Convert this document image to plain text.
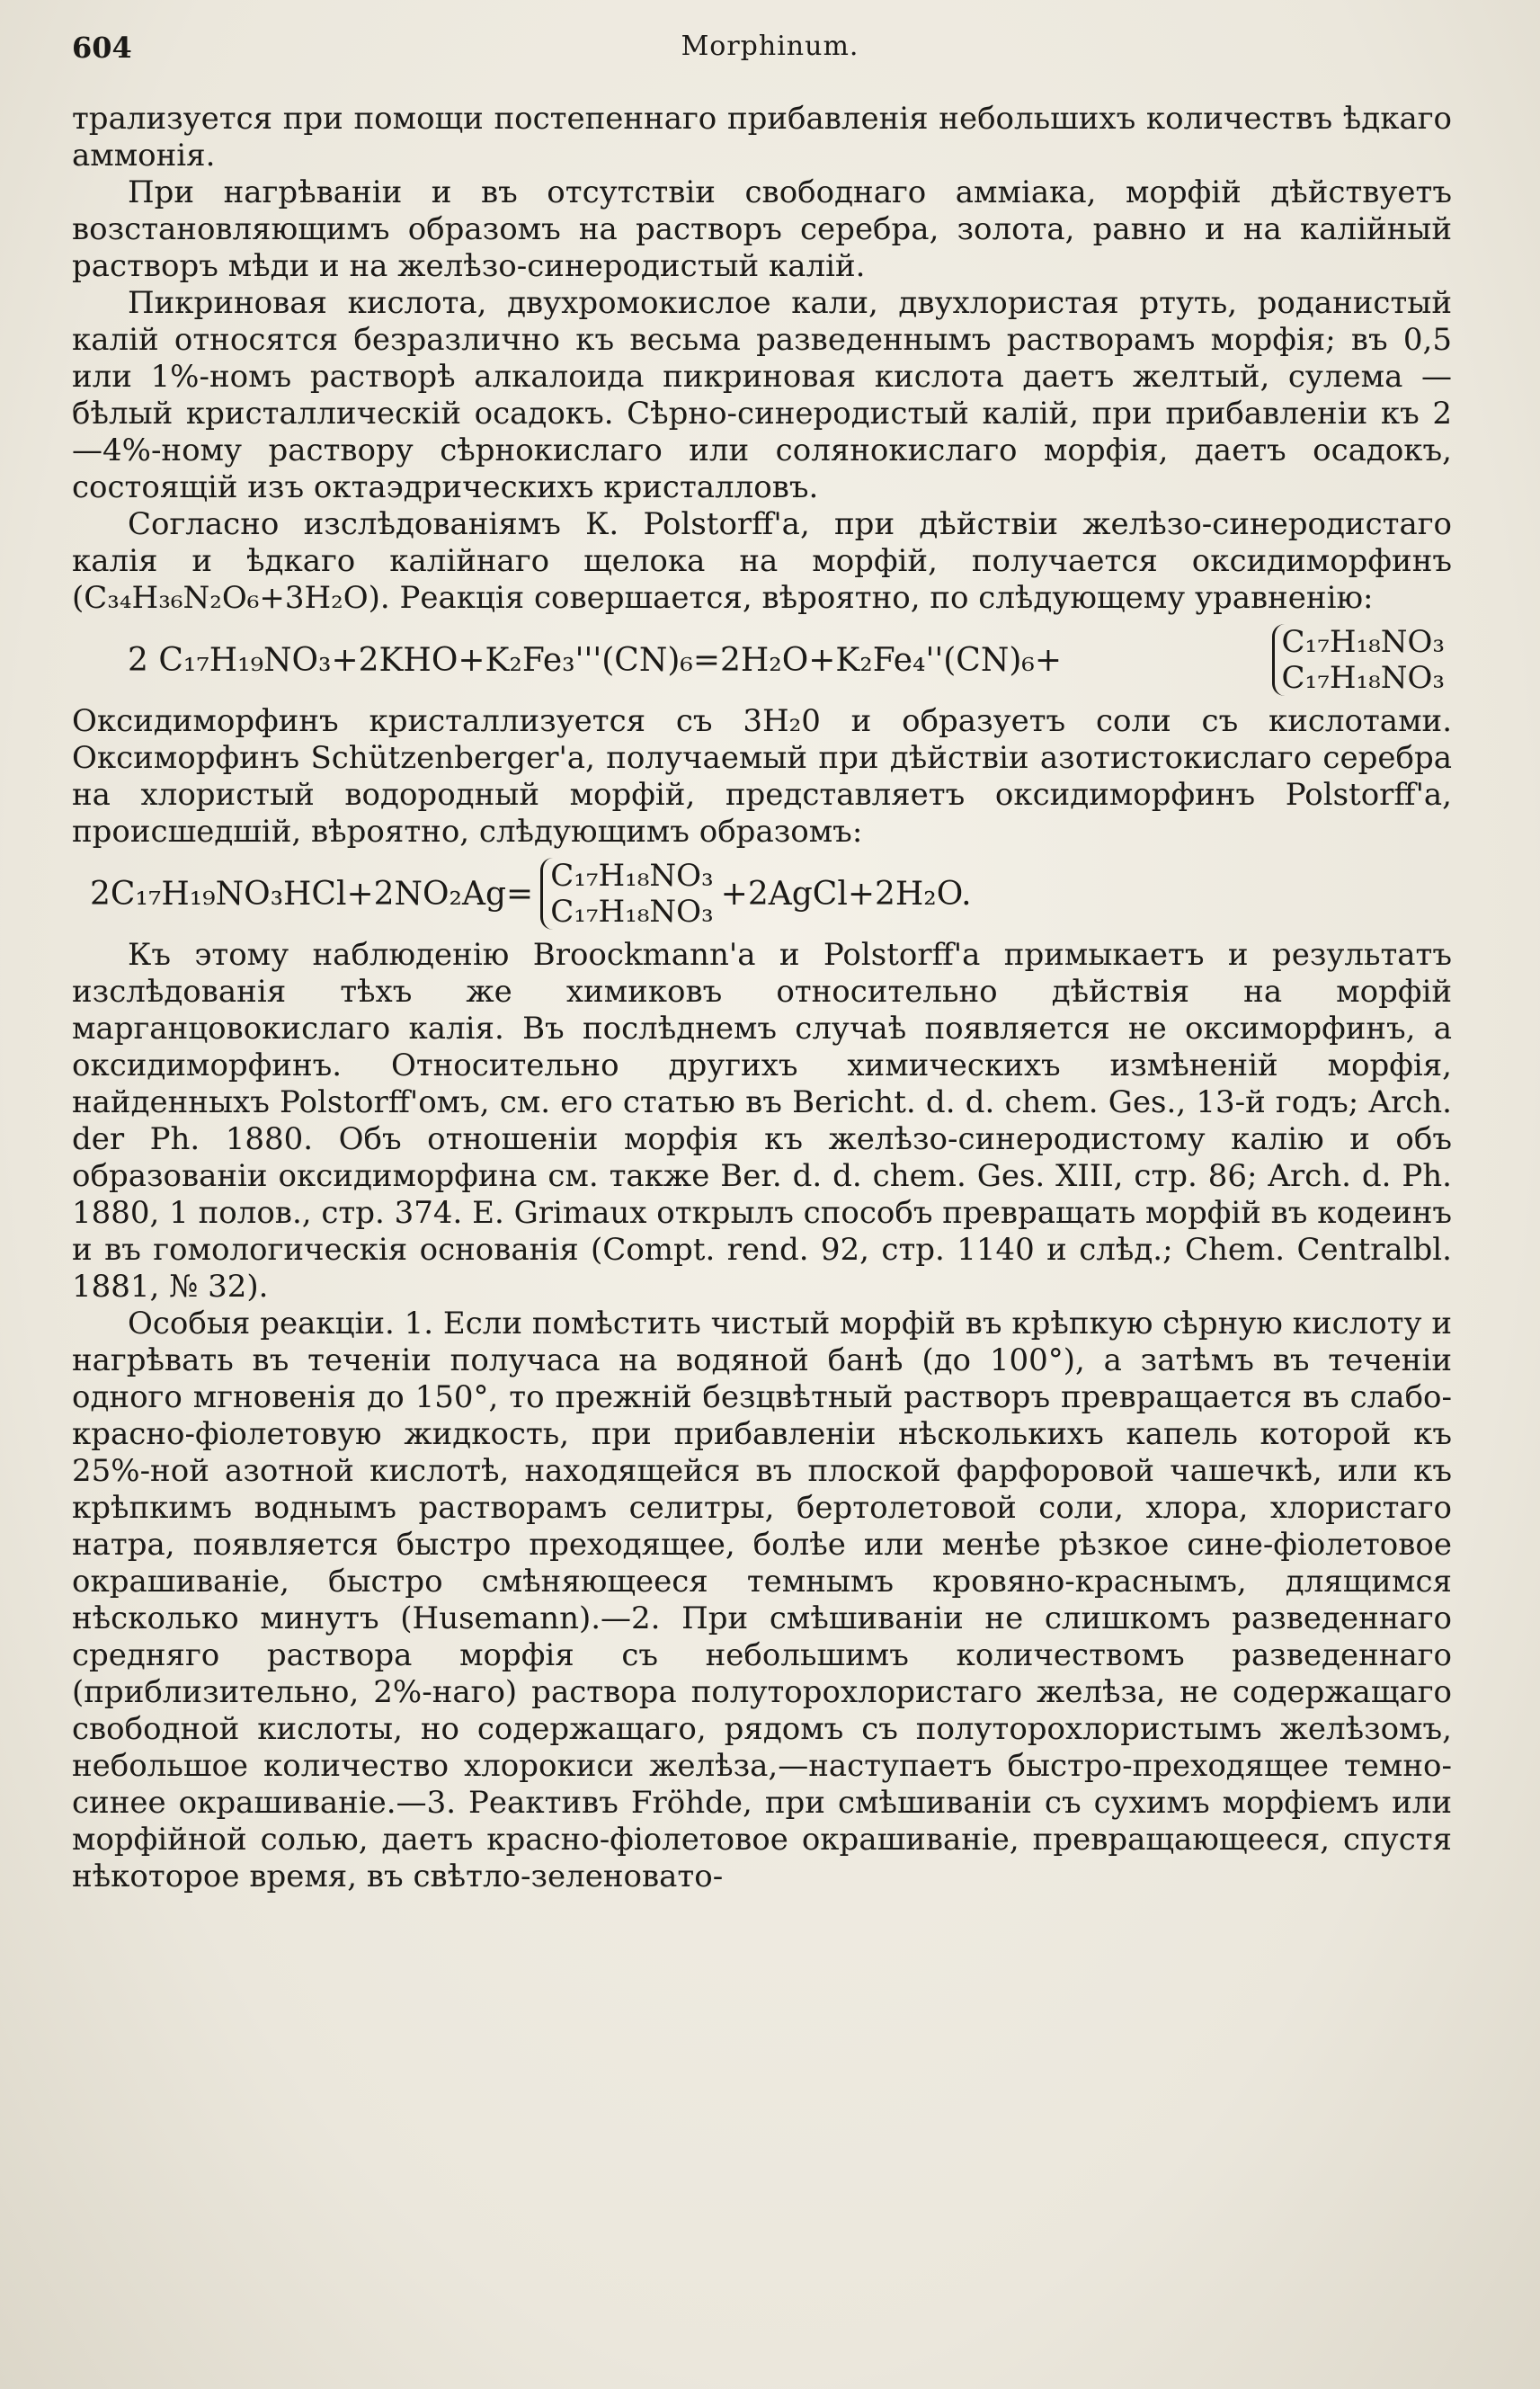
604	Morphinum.

трализуется при помощи постепеннаго прибавленія небольшихъ количествъ ѣдкаго аммонія.

При нагрѣваніи и въ отсутствіи свободнаго амміака, морфій дѣйствуетъ возстановляющимъ образомъ на растворъ серебра, золота, равно и на калійный растворъ мѣди и на желѣзо-синеродистый калій.

Пикриновая кислота, двухромокислое кали, двухлористая ртуть, роданистый калій относятся безразлично къ весьма разведеннымъ растворамъ морфія; въ 0,5 или 1%-номъ растворѣ алкалоида пикриновая кислота даетъ желтый, сулема — бѣлый кристаллическій осадокъ. Сѣрно-синеродистый калій, при прибавленіи къ 2—4%-ному раствору сѣрнокислаго или солянокислаго морфія, даетъ осадокъ, состоящій изъ октаэдрическихъ кристалловъ.

Согласно изслѣдованіямъ К. Polstorff'а, при дѣйствіи желѣзо-синеродистаго калія и ѣдкаго калійнаго щелока на морфій, получается оксидиморфинъ (C₃₄H₃₆N₂O₆+3H₂O). Реакція совершается, вѣроятно, по слѣдующему уравненію:

2 C₁₇H₁₉NO₃+2KHO+K₂Fe₃'''(CN)₆=2H₂O+K₂Fe₄''(CN)₆+	C₁₇H₁₈NO₃
C₁₇H₁₈NO₃

Оксидиморфинъ кристаллизуется съ 3H₂0 и образуетъ соли съ кислотами. Оксиморфинъ Schützenberger'а, получаемый при дѣйствіи азотистокислаго серебра на хлористый водородный морфій, представляетъ оксидиморфинъ Polstorff'а, происшедшій, вѣроятно, слѣдующимъ образомъ:

2C₁₇H₁₉NO₃HCl+2NO₂Ag= C₁₇H₁₈NO₃
C₁₇H₁₈NO₃ +2AgCl+2H₂O.

Къ этому наблюденію Broockmann'а и Polstorff'а примыкаетъ и результатъ изслѣдованія тѣхъ же химиковъ относительно дѣйствія на морфій марганцовокислаго калія. Въ послѣднемъ случаѣ появляется не оксиморфинъ, а оксидиморфинъ. Относительно другихъ химическихъ измѣненій морфія, найденныхъ Polstorff'омъ, см. его статью въ Bericht. d. d. chem. Ges., 13-й годъ; Arch. der Ph. 1880. Объ отношеніи морфія къ желѣзо-синеродистому калію и объ образованіи оксидиморфина см. также Ber. d. d. chem. Ges. XIII, стр. 86; Arch. d. Ph. 1880, 1 полов., стр. 374. E. Grimaux открылъ способъ превращать морфій въ кодеинъ и въ гомологическія основанія (Compt. rend. 92, стр. 1140 и слѣд.; Chem. Centralbl. 1881, № 32).

Особыя реакціи. 1. Если помѣстить чистый морфій въ крѣпкую сѣрную кислоту и нагрѣвать въ теченіи получаса на водяной банѣ (до 100°), а затѣмъ въ теченіи одного мгновенія до 150°, то прежній безцвѣтный растворъ превращается въ слабо-красно-фіолетовую жидкость, при прибавленіи нѣсколькихъ капель которой къ 25%-ной азотной кислотѣ, находящейся въ плоской фарфоровой чашечкѣ, или къ крѣпкимъ воднымъ растворамъ селитры, бертолетовой соли, хлора, хлористаго натра, появляется быстро преходящее, болѣе или менѣе рѣзкое сине-фіолетовое окрашиваніе, быстро смѣняющееся темнымъ кровяно-краснымъ, длящимся нѣсколько минутъ (Husemann).—2. При смѣшиваніи не слишкомъ разведеннаго средняго раствора морфія съ небольшимъ количествомъ разведеннаго (приблизительно, 2%-наго) раствора полуторохлористаго желѣза, не содержащаго свободной кислоты, но содержащаго, рядомъ съ полуторохлористымъ желѣзомъ, небольшое количество хлорокиси желѣза,—наступаетъ быстро-преходящее темно-синее окрашиваніе.—3. Реактивъ Fröhde, при смѣшиваніи съ сухимъ морфіемъ или морфійной солью, даетъ красно-фіолетовое окрашиваніе, превращающееся, спустя нѣкоторое время, въ свѣтло-зеленовато-
